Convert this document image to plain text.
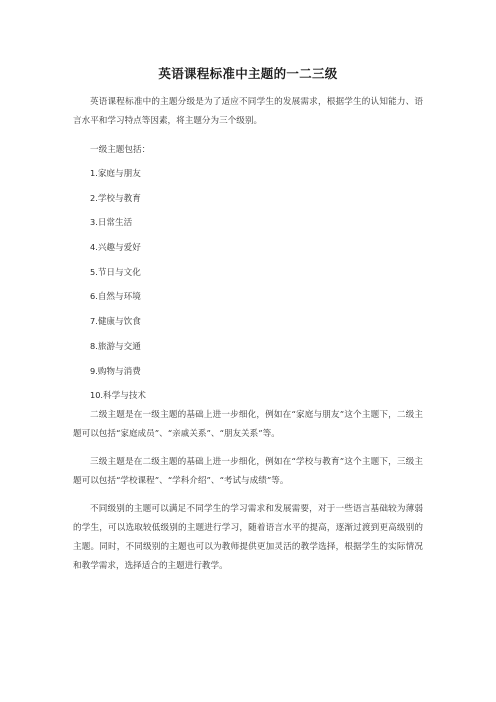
英语课程标准中主题的一二三级

英语课程标准中的主题分级是为了适应不同学生的发展需求，根据学生的认知能力、语言水平和学习特点等因素，将主题分为三个级别。

一级主题包括：

1.家庭与朋友
2.学校与教育
3.日常生活
4.兴趣与爱好
5.节日与文化
6.自然与环境
7.健康与饮食
8.旅游与交通
9.购物与消费
10.科学与技术

二级主题是在一级主题的基础上进一步细化，例如在“家庭与朋友”这个主题下，二级主题可以包括“家庭成员”、“亲戚关系”、“朋友关系”等。

三级主题是在二级主题的基础上进一步细化，例如在“学校与教育”这个主题下，三级主题可以包括“学校课程”、“学科介绍”、“考试与成绩”等。

不同级别的主题可以满足不同学生的学习需求和发展需要，对于一些语言基础较为薄弱的学生，可以选取较低级别的主题进行学习，随着语言水平的提高，逐渐过渡到更高级别的主题。同时，不同级别的主题也可以为教师提供更加灵活的教学选择，根据学生的实际情况和教学需求，选择适合的主题进行教学。
